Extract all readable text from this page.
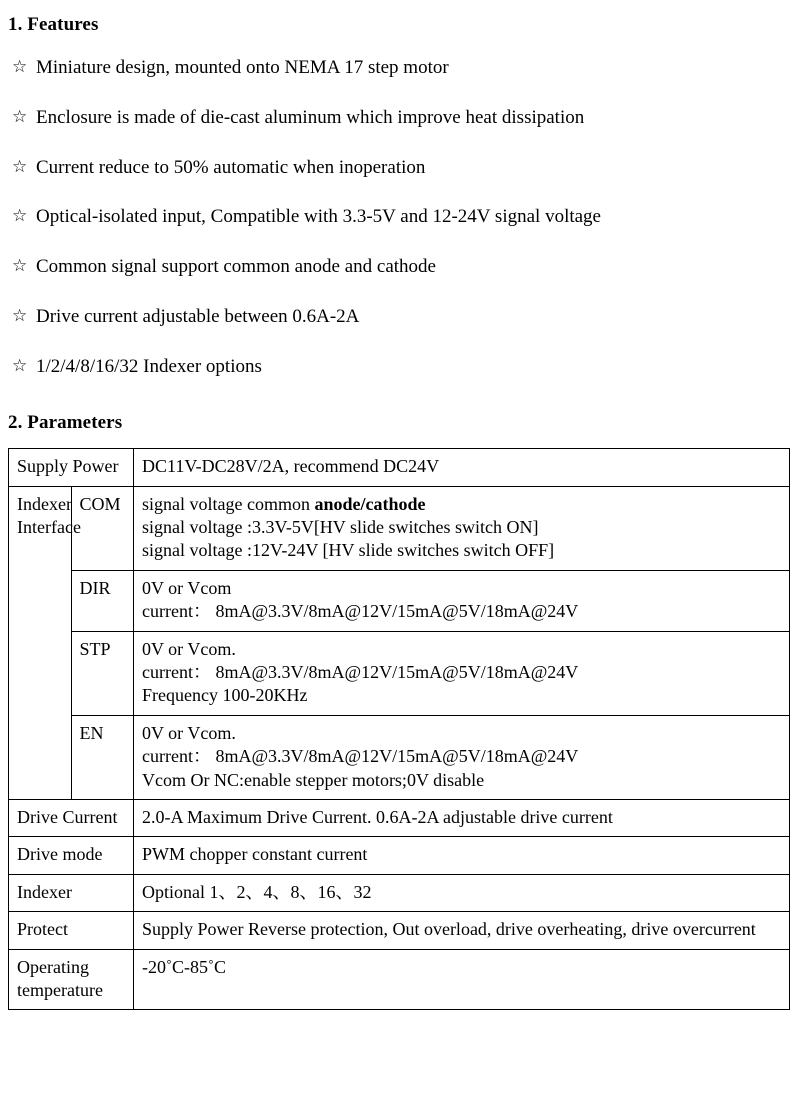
1. Features
☆ Miniature design, mounted onto NEMA 17 step motor
☆ Enclosure is made of die-cast aluminum which improve heat dissipation
☆ Current reduce to 50% automatic when inoperation
☆ Optical-isolated input, Compatible with 3.3-5V and 12-24V signal voltage
☆ Common signal support common anode and cathode
☆ Drive current adjustable between 0.6A-2A
☆ 1/2/4/8/16/32 Indexer options
2. Parameters
Supply Power		DC11V-DC28V/2A, recommend DC24V

Indexer
Interface	COM	signal voltage common anode/cathode
signal voltage :3.3V-5V[HV slide switches switch ON]
signal voltage :12V-24V [HV slide switches switch OFF]

	DIR	0V or Vcom
current： 8mA@3.3V/8mA@12V/15mA@5V/18mA@24V

	STP	0V or Vcom.
current： 8mA@3.3V/8mA@12V/15mA@5V/18mA@24V
Frequency 100-20KHz

	EN	0V or Vcom.
current： 8mA@3.3V/8mA@12V/15mA@5V/18mA@24V
Vcom Or NC:enable stepper motors;0V disable

Drive Current		2.0-A Maximum Drive Current. 0.6A-2A adjustable drive current
Drive mode		PWM chopper constant current
Indexer		Optional 1、2、4、8、16、32
Protect		Supply Power Reverse protection, Out overload, drive overheating, drive overcurrent

Operating
temperature		-20˚C-85˚C
